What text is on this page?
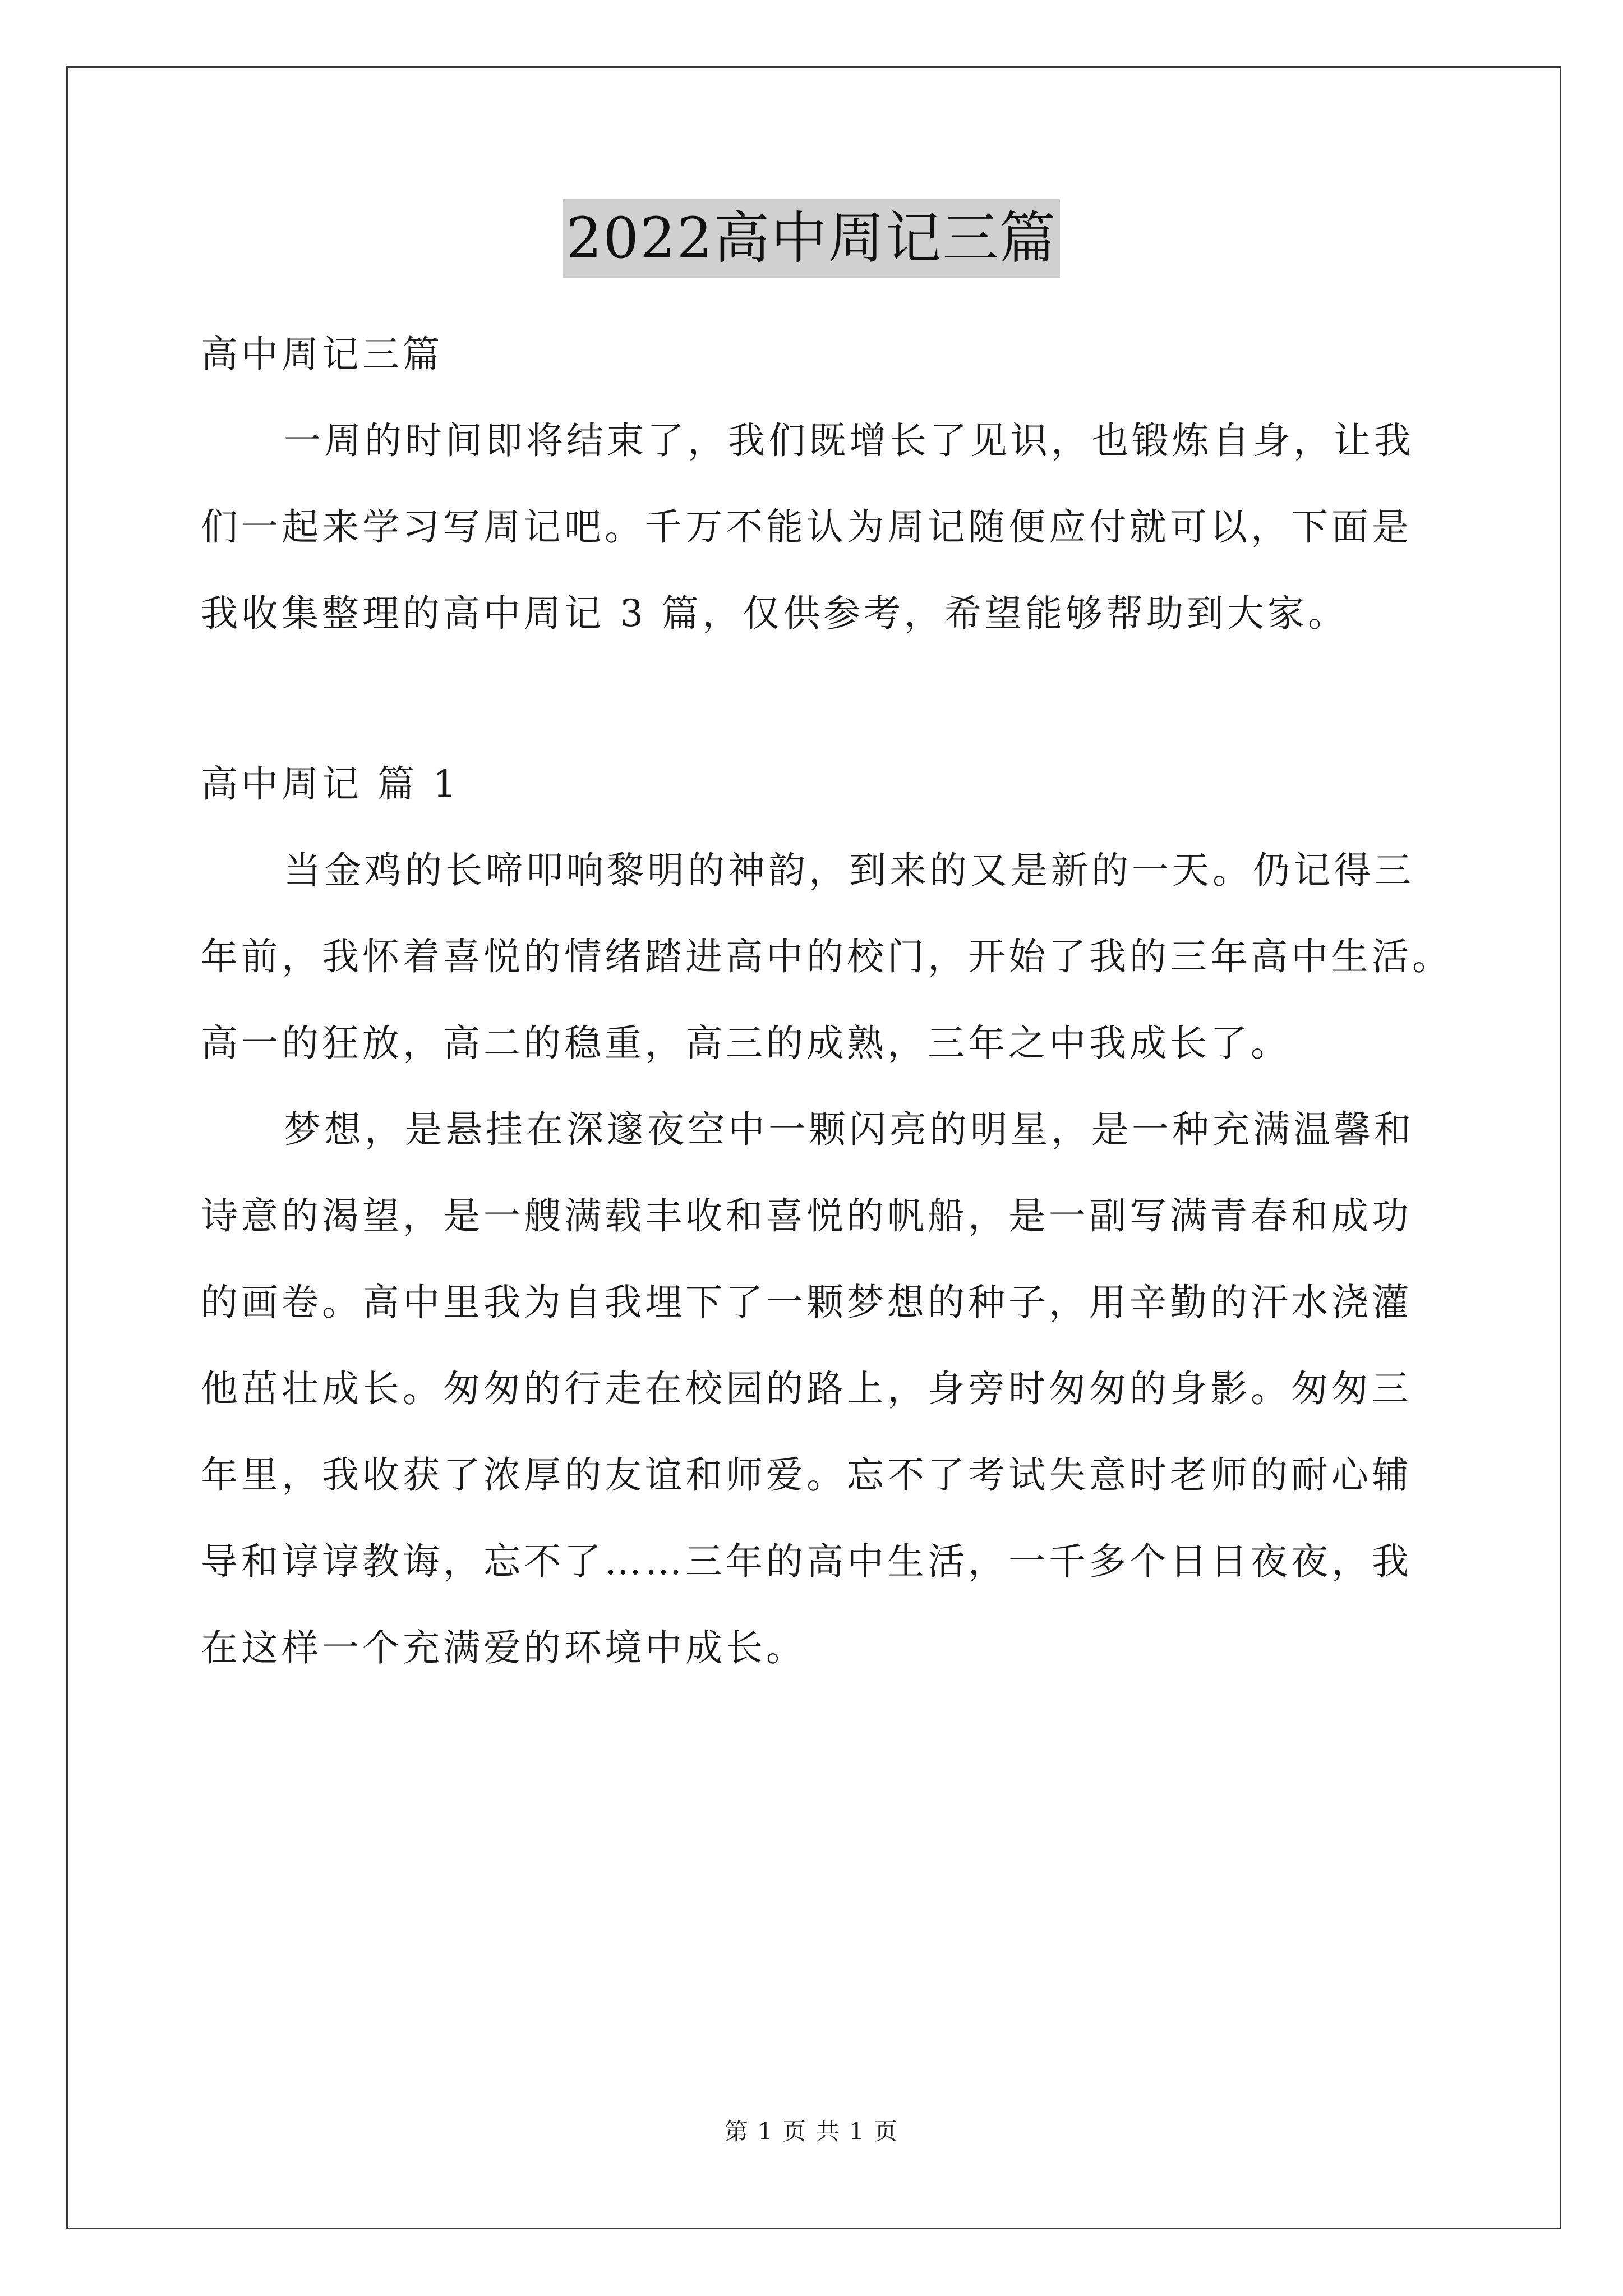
2022高中周记三篇
高中周记三篇
一周的时间即将结束了，我们既增长了见识，也锻炼自身，让我
们一起来学习写周记吧。千万不能认为周记随便应付就可以，下面是
我收集整理的高中周记 3 篇，仅供参考，希望能够帮助到大家。
高中周记 篇 1
当金鸡的长啼叩响黎明的神韵，到来的又是新的一天。仍记得三
年前，我怀着喜悦的情绪踏进高中的校门，开始了我的三年高中生活。
高一的狂放，高二的稳重，高三的成熟，三年之中我成长了。
梦想，是悬挂在深邃夜空中一颗闪亮的明星，是一种充满温馨和
诗意的渴望，是一艘满载丰收和喜悦的帆船，是一副写满青春和成功
的画卷。高中里我为自我埋下了一颗梦想的种子，用辛勤的汗水浇灌
他茁壮成长。匆匆的行走在校园的路上，身旁时匆匆的身影。匆匆三
年里，我收获了浓厚的友谊和师爱。忘不了考试失意时老师的耐心辅
导和谆谆教诲，忘不了……三年的高中生活，一千多个日日夜夜，我
在这样一个充满爱的环境中成长。
第 1 页 共 1 页
